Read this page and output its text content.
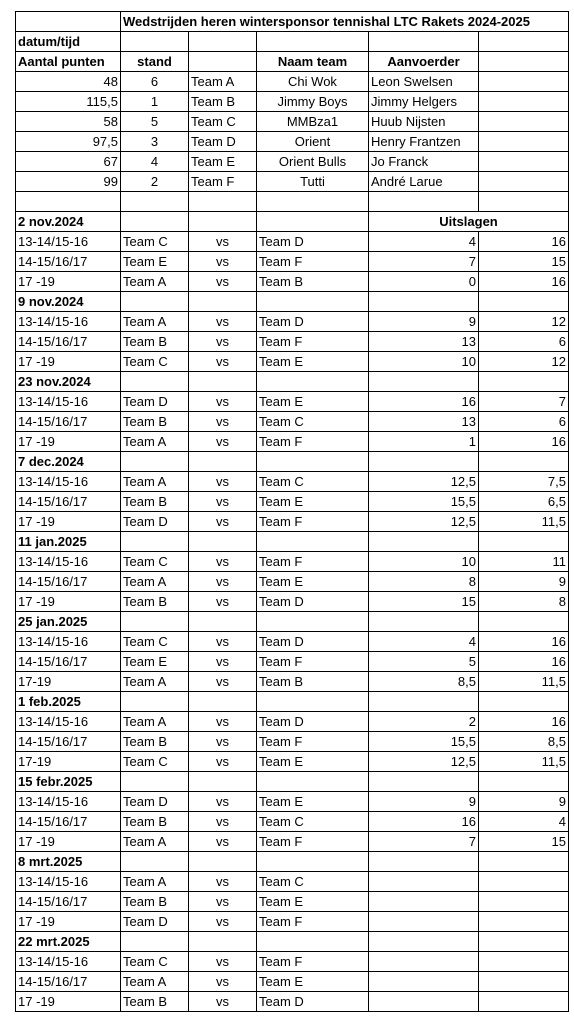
	Wedstrijden heren wintersponsor tennishal LTC Rakets 2024-2025				
datum/tijd					
Aantal punten	stand		Naam team	Aanvoerder	
48	6	Team A	Chi Wok	Leon Swelsen	
115,5	1	Team B	Jimmy Boys	Jimmy Helgers	
58	5	Team C	MMBza1	Huub Nijsten	
97,5	3	Team D	Orient	Henry Frantzen	
67	4	Team E	Orient Bulls	Jo Franck	
99	2	Team F	Tutti	André Larue	

2 nov.2024				Uitslagen	
13-14/15-16	Team C	vs	Team D	4	16
14-15/16/17	Team E	vs	Team F	7	15
17 -19	Team A	vs	Team B	0	16
9 nov.2024					
13-14/15-16	Team A	vs	Team D	9	12
14-15/16/17	Team B	vs	Team F	13	6
17 -19	Team C	vs	Team E	10	12
23 nov.2024					
13-14/15-16	Team D	vs	Team E	16	7
14-15/16/17	Team B	vs	Team C	13	6
17 -19	Team A	vs	Team F	1	16
7 dec.2024					
13-14/15-16	Team A	vs	Team C	12,5	7,5
14-15/16/17	Team B	vs	Team E	15,5	6,5
17 -19	Team D	vs	Team F	12,5	11,5
11 jan.2025					
13-14/15-16	Team C	vs	Team F	10	11
14-15/16/17	Team A	vs	Team E	8	9
17 -19	Team B	vs	Team D	15	8
25 jan.2025					
13-14/15-16	Team C	vs	Team D	4	16
14-15/16/17	Team E	vs	Team F	5	16
17-19	Team A	vs	Team B	8,5	11,5
1 feb.2025					
13-14/15-16	Team A	vs	Team D	2	16
14-15/16/17	Team B	vs	Team F	15,5	8,5
17-19	Team C	vs	Team E	12,5	11,5
15 febr.2025					
13-14/15-16	Team D	vs	Team E	9	9
14-15/16/17	Team B	vs	Team C	16	4
17 -19	Team A	vs	Team F	7	15
8 mrt.2025					
13-14/15-16	Team A	vs	Team C		
14-15/16/17	Team B	vs	Team E		
17 -19	Team D	vs	Team F		
22 mrt.2025					
13-14/15-16	Team C	vs	Team F		
14-15/16/17	Team A	vs	Team E		
17 -19	Team B	vs	Team D		
